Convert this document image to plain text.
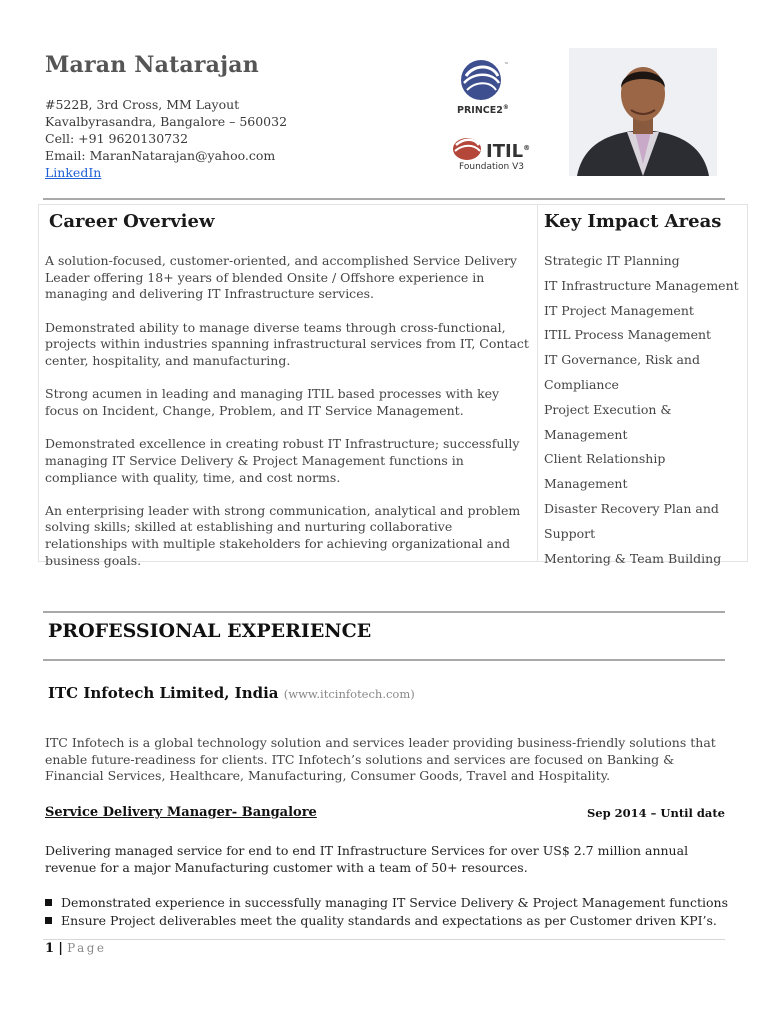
Maran Natarajan
#522B, 3rd Cross, MM Layout
Kavalbyrasandra, Bangalore – 560032
Cell: +91 9620130732
Email: MaranNatarajan@yahoo.com
LinkedIn
™
PRINCE2®
ITIL®
Foundation V3
Career Overview

A solution-focused, customer-oriented, and accomplished Service Delivery Leader offering 18+ years of blended Onsite / Offshore experience in managing and delivering IT Infrastructure services.

Demonstrated ability to manage diverse teams through cross-functional, projects within industries spanning infrastructural services from IT, Contact center, hospitality, and manufacturing.

Strong acumen in leading and managing ITIL based processes with key focus on Incident, Change, Problem, and IT Service Management.

Demonstrated excellence in creating robust IT Infrastructure; successfully managing IT Service Delivery & Project Management functions in compliance with quality, time, and cost norms.

An enterprising leader with strong communication, analytical and problem solving skills; skilled at establishing and nurturing collaborative relationships with multiple stakeholders for achieving organizational and business goals.

Key Impact Areas
Strategic IT Planning
IT Infrastructure Management
IT Project Management
ITIL Process Management
IT Governance, Risk and Compliance
Project Execution & Management
Client Relationship Management
Disaster Recovery Plan and Support
Mentoring & Team Building
PROFESSIONAL EXPERIENCE
ITC Infotech Limited, India (www.itcinfotech.com)
ITC Infotech is a global technology solution and services leader providing business-friendly solutions that enable future-readiness for clients. ITC Infotech’s solutions and services are focused on Banking & Financial Services, Healthcare, Manufacturing, Consumer Goods, Travel and Hospitality.
Service Delivery Manager- Bangalore	Sep 2014 – Until date
Delivering managed service for end to end IT Infrastructure Services for over US$ 2.7 million annual revenue for a major Manufacturing customer with a team of 50+ resources.
Demonstrated experience in successfully managing IT Service Delivery & Project Management functions
Ensure Project deliverables meet the quality standards and expectations as per Customer driven KPI’s.
1 | Page
